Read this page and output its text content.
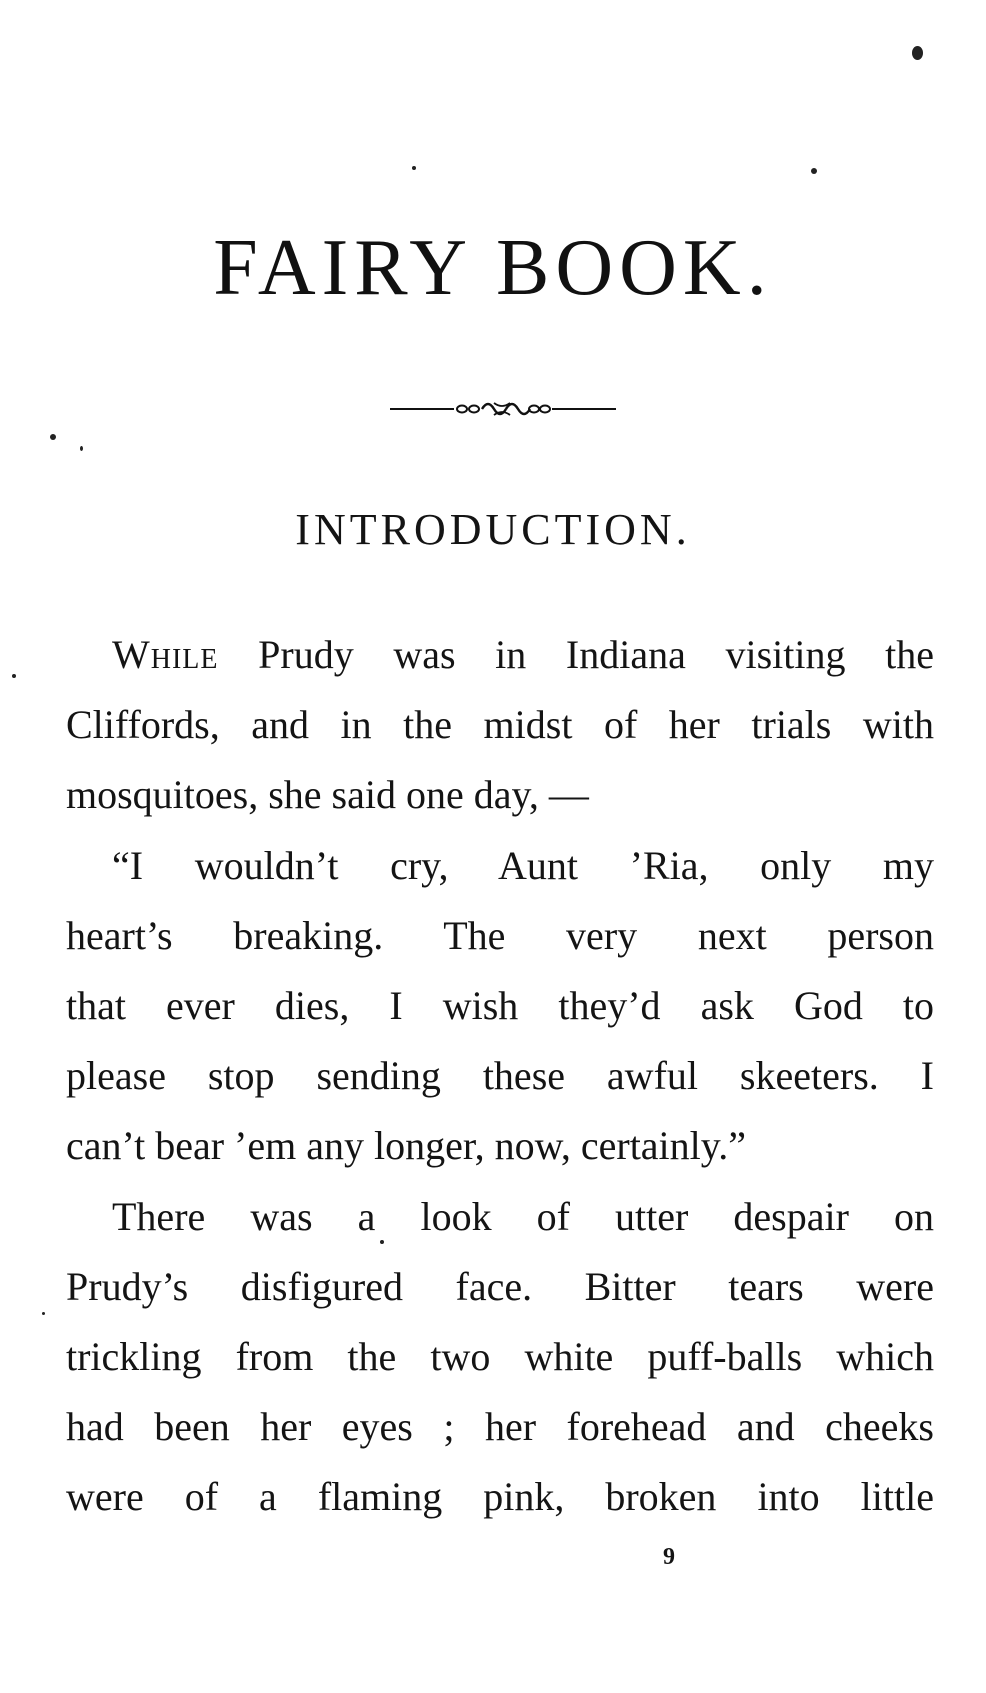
FAIRY BOOK.
INTRODUCTION.
While Prudy was in Indiana visiting the
Cliffords, and in the midst of her trials with
mosquitoes, she said one day, —
“I wouldn’t cry, Aunt ’Ria, only my
heart’s breaking. The very next person
that ever dies, I wish they’d ask God to
please stop sending these awful skeeters. I
can’t bear ’em any longer, now, certainly.”
There was a look of utter despair on
Prudy’s disfigured face. Bitter tears were
trickling from the two white puff-balls which
had been her eyes ; her forehead and cheeks
were of a flaming pink, broken into little
9
